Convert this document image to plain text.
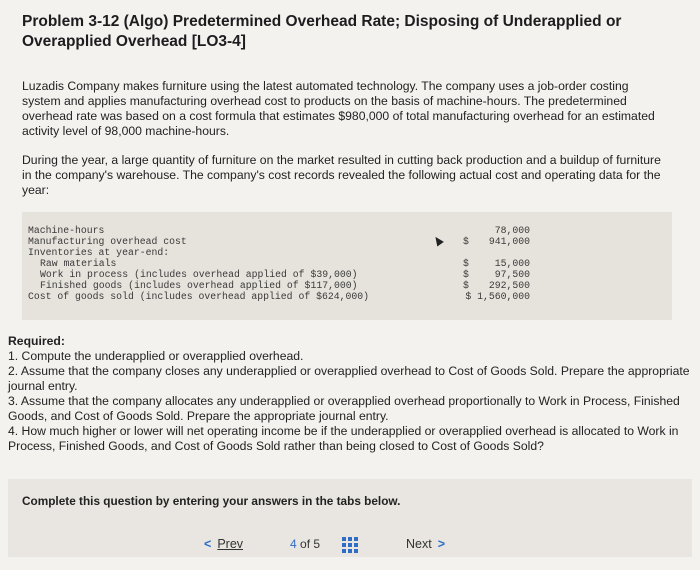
Problem 3-12 (Algo) Predetermined Overhead Rate; Disposing of Underapplied or Overapplied Overhead [LO3-4]
Luzadis Company makes furniture using the latest automated technology. The company uses a job-order costing system and applies manufacturing overhead cost to products on the basis of machine-hours. The predetermined overhead rate was based on a cost formula that estimates $980,000 of total manufacturing overhead for an estimated activity level of 98,000 machine-hours.
During the year, a large quantity of furniture on the market resulted in cutting back production and a buildup of furniture in the company's warehouse. The company's cost records revealed the following actual cost and operating data for the year:
Machine-hours	78,000
Manufacturing overhead cost	$ 941,000
Inventories at year-end:
Raw materials	$	15,000
Work in process (includes overhead applied of $39,000)	$	97,500
Finished goods (includes overhead applied of $117,000)	$ 292,500
Cost of goods sold (includes overhead applied of $624,000)	$ 1,560,000
Required:
1. Compute the underapplied or overapplied overhead.
2. Assume that the company closes any underapplied or overapplied overhead to Cost of Goods Sold. Prepare the appropriate journal entry.
3. Assume that the company allocates any underapplied or overapplied overhead proportionally to Work in Process, Finished Goods, and Cost of Goods Sold. Prepare the appropriate journal entry.
4. How much higher or lower will net operating income be if the underapplied or overapplied overhead is allocated to Work in Process, Finished Goods, and Cost of Goods Sold rather than being closed to Cost of Goods Sold?
Complete this question by entering your answers in the tabs below.
< Prev	4 of 5	Next >
